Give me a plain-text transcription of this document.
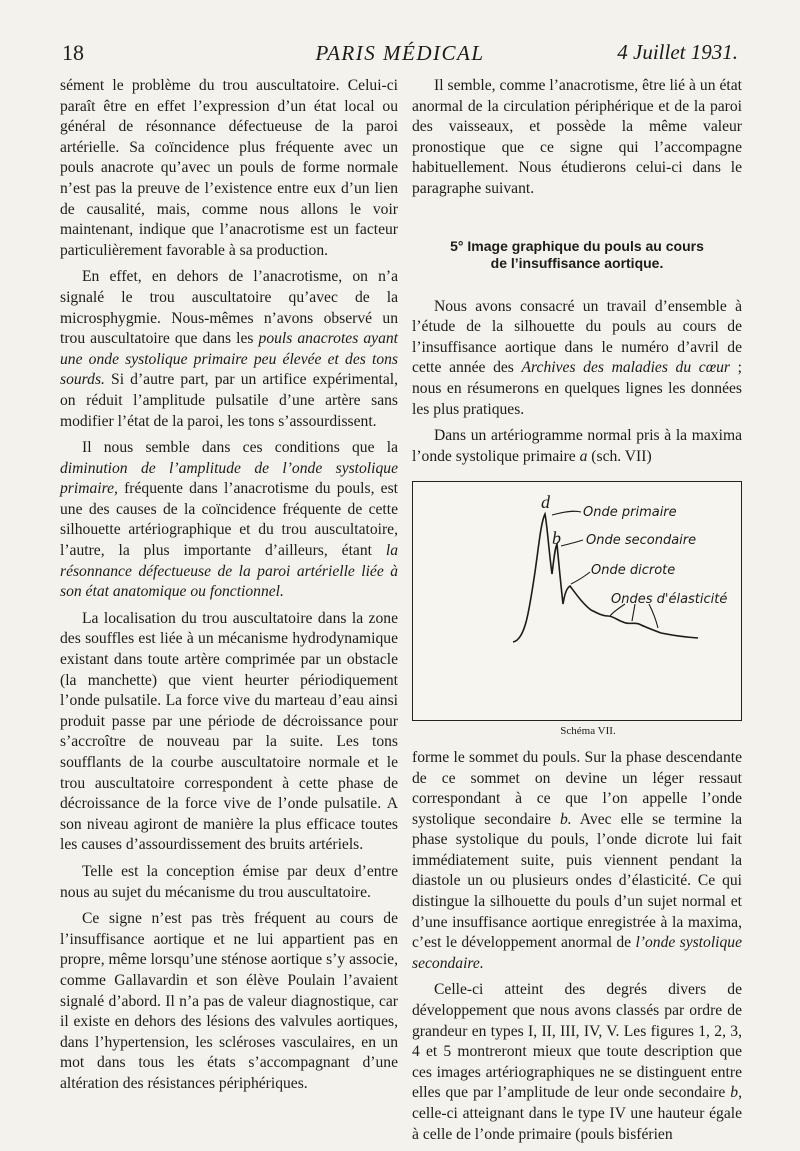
18	PARIS MÉDICAL	4 Juillet 1931.

sément le problème du trou auscultatoire. Celui-ci paraît être en effet l’expression d’un état local ou général de résonnance défectueuse de la paroi artérielle. Sa coïncidence plus fréquente avec un pouls anacrote qu’avec un pouls de forme normale n’est pas la preuve de l’existence entre eux d’un lien de causalité, mais, comme nous allons le voir maintenant, indique que l’anacrotisme est un facteur particulièrement favorable à sa production.

En effet, en dehors de l’anacrotisme, on n’a signalé le trou auscultatoire qu’avec de la microsphygmie. Nous-mêmes n’avons observé un trou auscultatoire que dans les pouls anacrotes ayant une onde systolique primaire peu élevée et des tons sourds. Si d’autre part, par un artifice expérimental, on réduit l’amplitude pulsatile d’une artère sans modifier l’état de la paroi, les tons s’assourdissent.

Il nous semble dans ces conditions que la diminution de l’amplitude de l’onde systolique primaire, fréquente dans l’anacrotisme du pouls, est une des causes de la coïncidence fréquente de cette silhouette artériographique et du trou auscultatoire, l’autre, la plus importante d’ailleurs, étant la résonnance défectueuse de la paroi artérielle liée à son état anatomique ou fonctionnel.

La localisation du trou auscultatoire dans la zone des souffles est liée à un mécanisme hydrodynamique existant dans toute artère comprimée par un obstacle (la manchette) que vient heurter périodiquement l’onde pulsatile. La force vive du marteau d’eau ainsi produit passe par une période de décroissance pour s’accroître de nouveau par la suite. Les tons soufflants de la courbe auscultatoire normale et le trou auscultatoire correspondent à cette phase de décroissance de la force vive de l’onde pulsatile. A son niveau agiront de manière la plus efficace toutes les causes d’assourdissement des bruits artériels.

Telle est la conception émise par deux d’entre nous au sujet du mécanisme du trou auscultatoire.

Ce signe n’est pas très fréquent au cours de l’insuffisance aortique et ne lui appartient pas en propre, même lorsqu’une sténose aortique s’y associe, comme Gallavardin et son élève Poulain l’avaient signalé d’abord. Il n’a pas de valeur diagnostique, car il existe en dehors des lésions des valvules aortiques, dans l’hypertension, les scléroses vasculaires, en un mot dans tous les états s’accompagnant d’une altération des résistances périphériques.

Il semble, comme l’anacrotisme, être lié à un état anormal de la circulation périphérique et de la paroi des vaisseaux, et possède la même valeur pronostique que ce signe qui l’accompagne habituellement. Nous étudierons celui-ci dans le paragraphe suivant.

5° Image graphique du pouls au cours
de l’insuffisance aortique.

Nous avons consacré un travail d’ensemble à l’étude de la silhouette du pouls au cours de l’insuffisance aortique dans le numéro d’avril de cette année des Archives des maladies du cœur ; nous en résumerons en quelques lignes les données les plus pratiques.

Dans un artériogramme normal pris à la maxima l’onde systolique primaire a (sch. VII)

d
b
Onde primaire
Onde secondaire
Onde dicrote
Ondes d'élasticité

Schéma VII.

forme le sommet du pouls. Sur la phase descendante de ce sommet on devine un léger ressaut correspondant à ce que l’on appelle l’onde systolique secondaire b. Avec elle se termine la phase systolique du pouls, l’onde dicrote lui fait immédiatement suite, puis viennent pendant la diastole un ou plusieurs ondes d’élasticité. Ce qui distingue la silhouette du pouls d’un sujet normal et d’une insuffisance aortique enregistrée à la maxima, c’est le développement anormal de l’onde systolique secondaire.

Celle-ci atteint des degrés divers de développement que nous avons classés par ordre de grandeur en types I, II, III, IV, V. Les figures 1, 2, 3, 4 et 5 montreront mieux que toute description que ces images artériographiques ne se distinguent entre elles que par l’amplitude de leur onde secondaire b, celle-ci atteignant dans le type IV une hauteur égale à celle de l’onde primaire (pouls bisférien
